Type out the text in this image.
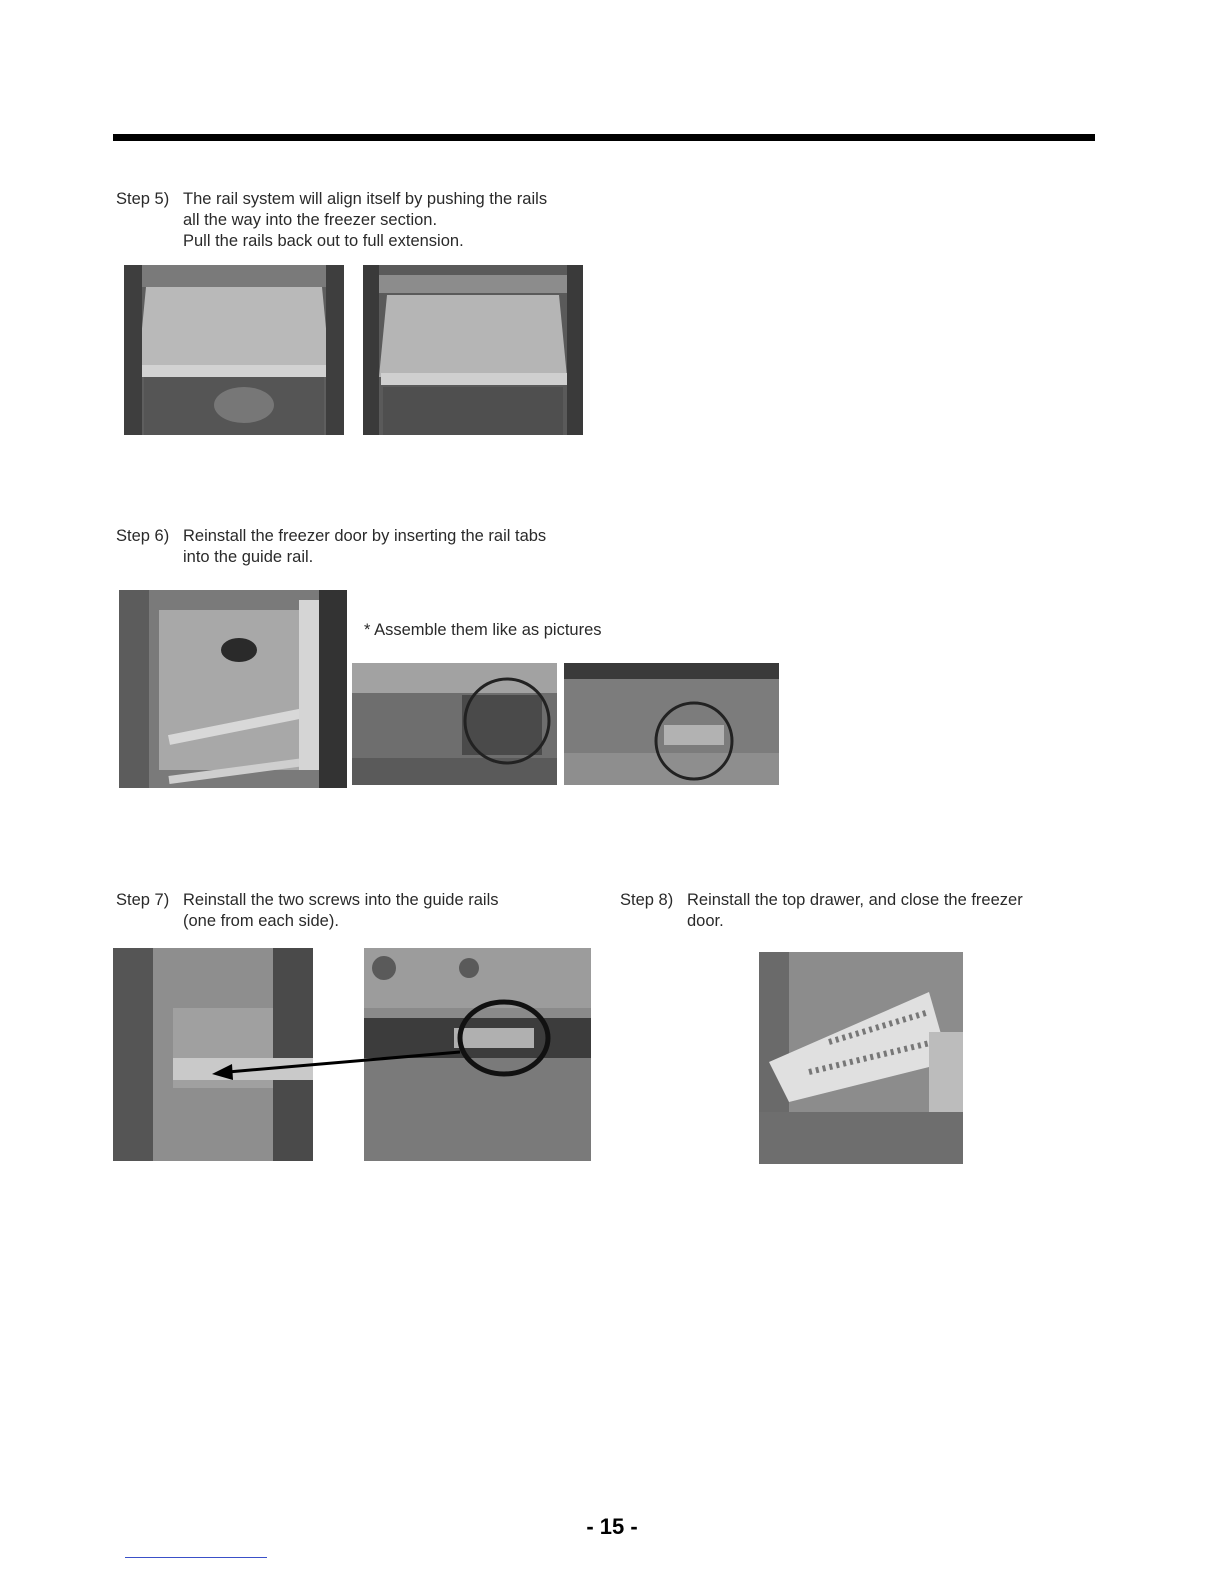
Step 5) The rail system will align itself by pushing the rails
all the way into the freezer section.
Pull the rails back out to full extension.
Step 6) Reinstall the freezer door by inserting the rail tabs
into the guide rail.
* Assemble them like as pictures
Step 7) Reinstall the two screws into the guide rails
(one from each side).
Step 8) Reinstall the top drawer, and close the freezer
door.
- 15 -
